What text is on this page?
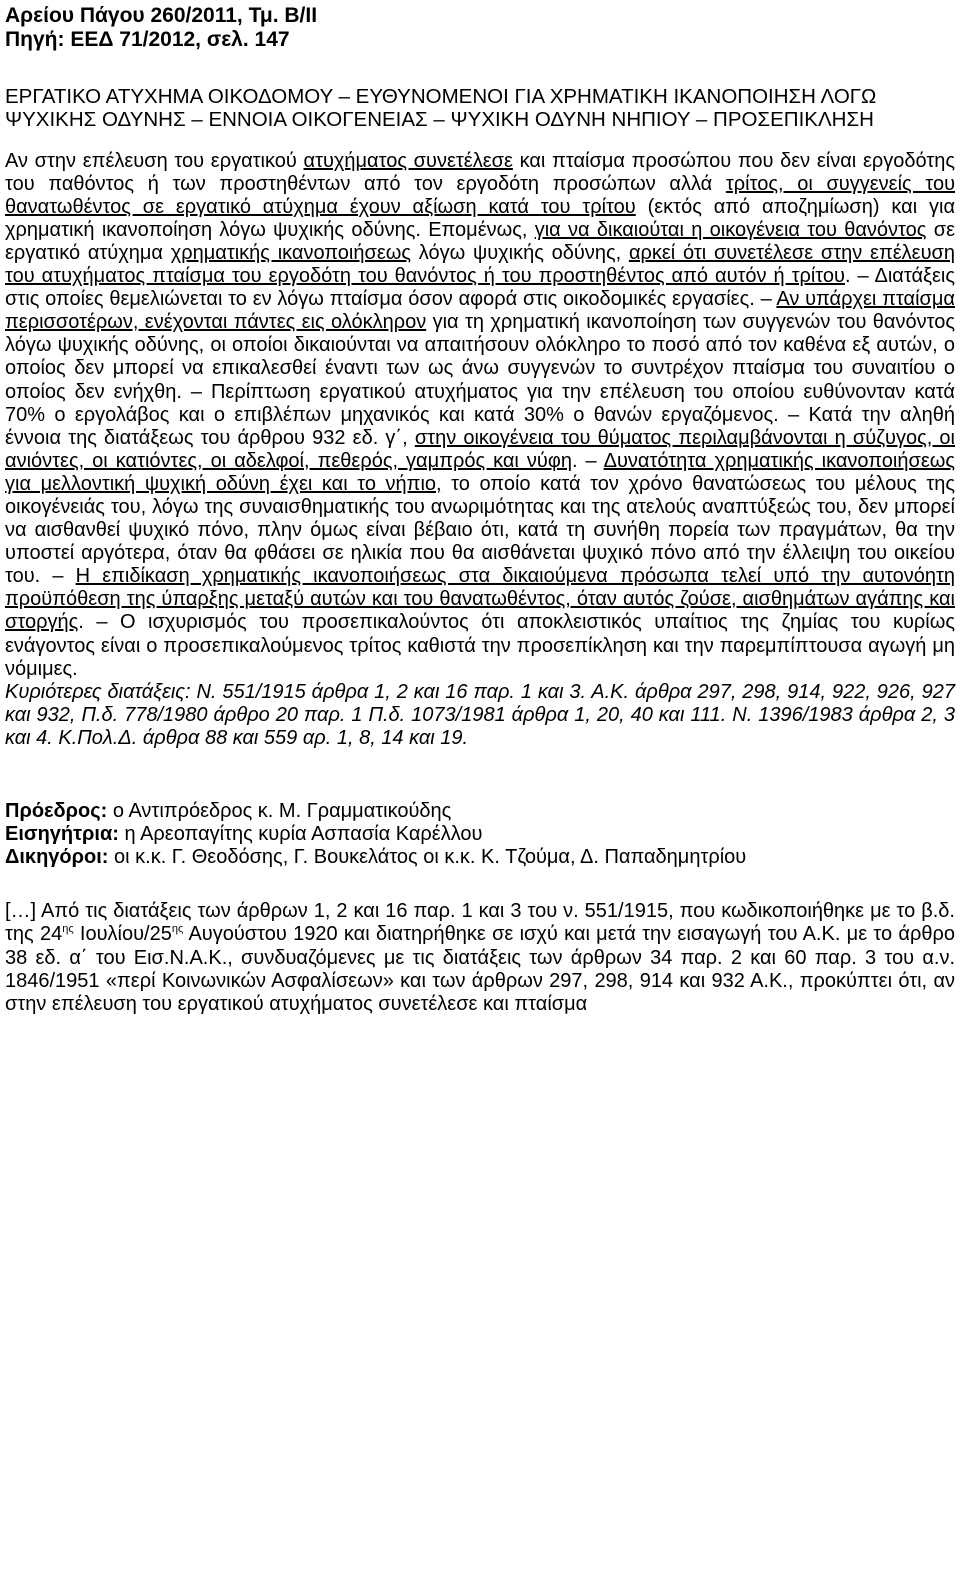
Αρείου Πάγου 260/2011, Τμ. Β/ΙΙ
Πηγή: ΕΕΔ 71/2012, σελ. 147
ΕΡΓΑΤΙΚΟ ΑΤΥΧΗΜΑ ΟΙΚΟΔΟΜΟΥ – ΕΥΘΥΝΟΜΕΝΟΙ ΓΙΑ ΧΡΗΜΑΤΙΚΗ ΙΚΑΝΟΠΟΙΗΣΗ ΛΟΓΩ ΨΥΧΙΚΗΣ ΟΔΥΝΗΣ – ΕΝΝΟΙΑ ΟΙΚΟΓΕΝΕΙΑΣ – ΨΥΧΙΚΗ ΟΔΥΝΗ ΝΗΠΙΟΥ – ΠΡΟΣΕΠΙΚΛΗΣΗ
Αν στην επέλευση του εργατικού ατυχήματος συνετέλεσε και πταίσμα προσώπου που δεν είναι εργοδότης του παθόντος ή των προστηθέντων από τον εργοδότη προσώπων αλλά τρίτος, οι συγγενείς του θανατωθέντος σε εργατικό ατύχημα έχουν αξίωση κατά του τρίτου (εκτός από αποζημίωση) και για χρηματική ικανοποίηση λόγω ψυχικής οδύνης. Επομένως, για να δικαιούται η οικογένεια του θανόντος σε εργατικό ατύχημα χρηματικής ικανοποιήσεως λόγω ψυχικής οδύνης, αρκεί ότι συνετέλεσε στην επέλευση του ατυχήματος πταίσμα του εργοδότη του θανόντος ή του προστηθέντος από αυτόν ή τρίτου. – Διατάξεις στις οποίες θεμελιώνεται το εν λόγω πταίσμα όσον αφορά στις οικοδομικές εργασίες. – Αν υπάρχει πταίσμα περισσοτέρων, ενέχονται πάντες εις ολόκληρον για τη χρηματική ικανοποίηση των συγγενών του θανόντος λόγω ψυχικής οδύνης, οι οποίοι δικαιούνται να απαιτήσουν ολόκληρο το ποσό από τον καθένα εξ αυτών, ο οποίος δεν μπορεί να επικαλεσθεί έναντι των ως άνω συγγενών το συντρέχον πταίσμα του συναιτίου ο οποίος δεν ενήχθη. – Περίπτωση εργατικού ατυχήματος για την επέλευση του οποίου ευθύνονταν κατά 70% ο εργολάβος και ο επιβλέπων μηχανικός και κατά 30% ο θανών εργαζόμενος. – Κατά την αληθή έννοια της διατάξεως του άρθρου 932 εδ. γ΄, στην οικογένεια του θύματος περιλαμβάνονται η σύζυγος, οι ανιόντες, οι κατιόντες, οι αδελφοί, πεθερός, γαμπρός και νύφη. – Δυνατότητα χρηματικής ικανοποιήσεως για μελλοντική ψυχική οδύνη έχει και το νήπιο, το οποίο κατά τον χρόνο θανατώσεως του μέλους της οικογένειάς του, λόγω της συναισθηματικής του ανωριμότητας και της ατελούς αναπτύξεώς του, δεν μπορεί να αισθανθεί ψυχικό πόνο, πλην όμως είναι βέβαιο ότι, κατά τη συνήθη πορεία των πραγμάτων, θα την υποστεί αργότερα, όταν θα φθάσει σε ηλικία που θα αισθάνεται ψυχικό πόνο από την έλλειψη του οικείου του. – Η επιδίκαση χρηματικής ικανοποιήσεως στα δικαιούμενα πρόσωπα τελεί υπό την αυτονόητη προϋπόθεση της ύπαρξης μεταξύ αυτών και του θανατωθέντος, όταν αυτός ζούσε, αισθημάτων αγάπης και στοργής. – Ο ισχυρισμός του προσεπικαλούντος ότι αποκλειστικός υπαίτιος της ζημίας του κυρίως ενάγοντος είναι ο προσεπικαλούμενος τρίτος καθιστά την προσεπίκληση και την παρεμπίπτουσα αγωγή μη νόμιμες.
Κυριότερες διατάξεις: Ν. 551/1915 άρθρα 1, 2 και 16 παρ. 1 και 3. Α.Κ. άρθρα 297, 298, 914, 922, 926, 927 και 932, Π.δ. 778/1980 άρθρο 20 παρ. 1 Π.δ. 1073/1981 άρθρα 1, 20, 40 και 111. Ν. 1396/1983 άρθρα 2, 3 και 4. Κ.Πολ.Δ. άρθρα 88 και 559 αρ. 1, 8, 14 και 19.
Πρόεδρος: ο Αντιπρόεδρος κ. Μ. Γραμματικούδης
Εισηγήτρια: η Αρεοπαγίτης κυρία Ασπασία Καρέλλου
Δικηγόροι: οι κ.κ. Γ. Θεοδόσης, Γ. Βουκελάτος οι κ.κ. Κ. Τζούμα, Δ. Παπαδημητρίου
[…] Από τις διατάξεις των άρθρων 1, 2 και 16 παρ. 1 και 3 του ν. 551/1915, που κωδικοποιήθηκε με το β.δ. της $24^{\eta\varsigma}$ Ιουλίου/$25^{\eta\varsigma}$ Αυγούστου 1920 και διατηρήθηκε σε ισχύ και μετά την εισαγωγή του Α.Κ. με το άρθρο 38 εδ. α΄ του Εισ.Ν.Α.Κ., συνδυαζόμενες με τις διατάξεις των άρθρων 34 παρ. 2 και 60 παρ. 3 του α.ν. 1846/1951 «περί Κοινωνικών Ασφαλίσεων» και των άρθρων 297, 298, 914 και 932 Α.Κ., προκύπτει ότι, αν στην επέλευση του εργατικού ατυχήματος συνετέλεσε και πταίσμα
